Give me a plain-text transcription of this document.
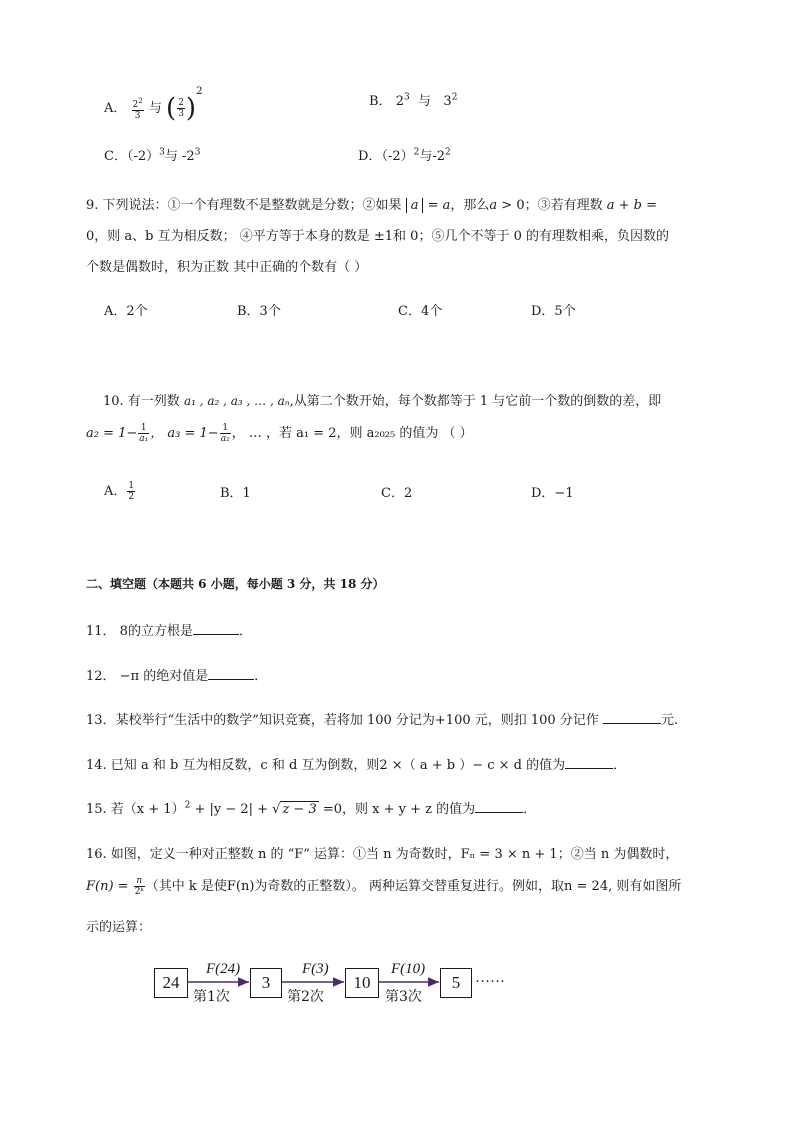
A． $\frac{2^2}{3}$ 与 ( $\frac{2}{3} )^2$
B． $2^3$ 与 $3^2$
C．$(-2)^3$与 $-2^3$	D．$(-2)^2$与$-2^2$
9. 下列说法：①一个有理数不是整数就是分数；②如果 a = a，那么a > 0；③若有理数 a + b =
0，则 a、b 互为相反数； ④平方等于本身的数是 ±1和 0；⑤几个不等于 0 的有理数相乘，负因数的
个数是偶数时，积为正数 其中正确的个数有（ ）
A．2个	B．3个	C．4个	D．5个
10. 有一列数 a₁ , a₂ , a₃ , … , aₙ,从第二个数开始，每个数都等于 1 与它前一个数的倒数的差，即
$a_2 = 1- \frac{1}{\text{a₁}}$ ， $a_3 = 1- \frac{1}{\text{a₂}}$ ， … ，若 a₁ = 2，则 a₂₀₂₅ 的值为 （ ）
A． $\frac{1}{2}$	B．1	C．2	D．−1
二、填空题（本题共 6 小题，每小题 3 分，共 18 分）
11． 8的立方根是	．
12． −π 的绝对值是	．
13．某校举行“生活中的数学”知识竞赛，若将加 100 分记为+100 元，则扣 100 分记作	元.
14. 已知 a 和 b 互为相反数，c 和 d 互为倒数，则2 ×（ a + b ）− c × d 的值为	．
15. 若$(x + 1)^2 + |y - 2|$ + √ z − 3 =0，则 x + y + z 的值为	．
16. 如图，定义一种对正整数 n 的 “F” 运算：①当 n 为奇数时，Fₙ = 3 × n + 1；②当 n 为偶数时，
$F(n) = \frac{n}{\text{2ᵏ}}$ （其中 k 是使F(n)为奇数的正整数）。 两种运算交替重复进行。例如，取n = 24, 则有如图所
示的运算：
24	3	10	5
F(24)	F(3)	F(10)
第1次	第2次	第3次
……
